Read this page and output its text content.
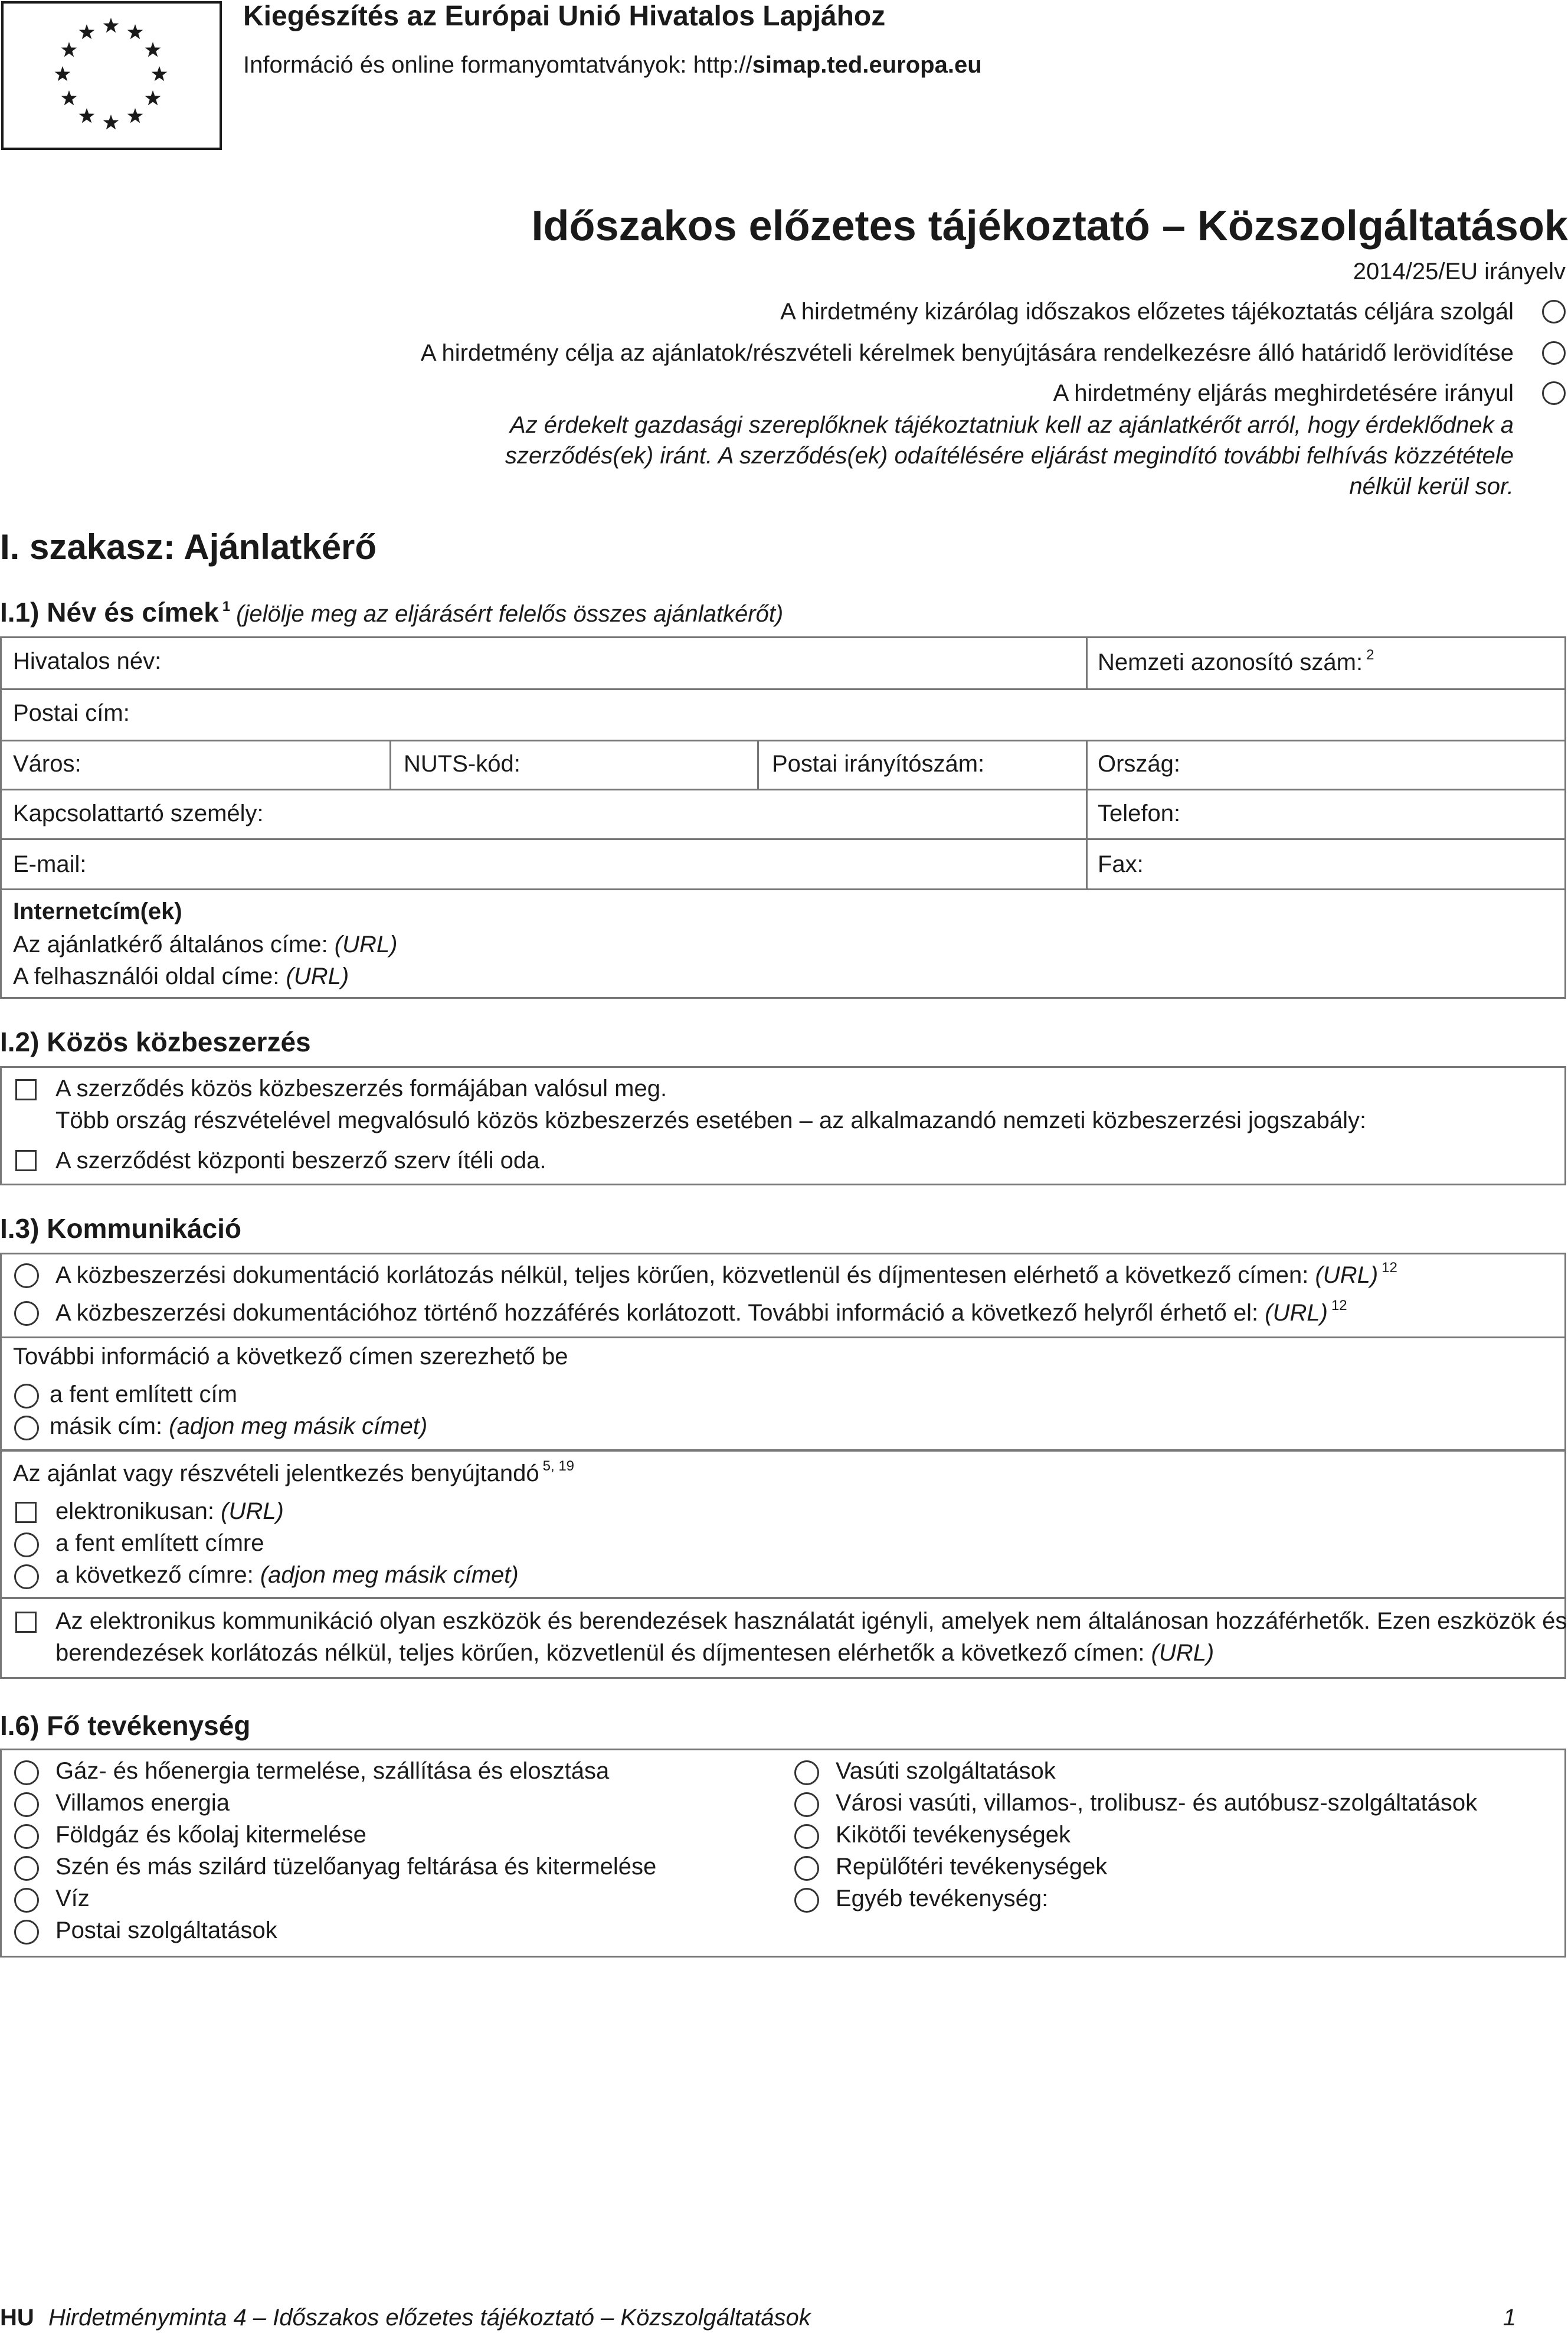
Kiegészítés az Európai Unió Hivatalos Lapjához
Információ és online formanyomtatványok: http://simap.ted.europa.eu
Időszakos előzetes tájékoztató – Közszolgáltatások
2014/25/EU irányelv
A hirdetmény kizárólag időszakos előzetes tájékoztatás céljára szolgál
A hirdetmény célja az ajánlatok/részvételi kérelmek benyújtására rendelkezésre álló határidő lerövidítése
A hirdetmény eljárás meghirdetésére irányul
Az érdekelt gazdasági szereplőknek tájékoztatniuk kell az ajánlatkérőt arról, hogy érdeklődnek a szerződés(ek) iránt. A szerződés(ek) odaítélésére eljárást megindító további felhívás közzététele nélkül kerül sor.
I. szakasz: Ajánlatkérő
I.1) Név és címek $^1$ (jelölje meg az eljárásért felelős összes ajánlatkérőt)
Hivatalos név:	Nemzeti azonosító szám: $^2$
Postai cím:
Város:	NUTS-kód:	Postai irányítószám:	Ország:
Kapcsolattartó személy:	Telefon:
E-mail:	Fax:
Internetcím(ek)
Az ajánlatkérő általános címe: (URL)
A felhasználói oldal címe: (URL)
I.2) Közös közbeszerzés
A szerződés közös közbeszerzés formájában valósul meg.
Több ország részvételével megvalósuló közös közbeszerzés esetében – az alkalmazandó nemzeti közbeszerzési jogszabály:
A szerződést központi beszerző szerv ítéli oda.
I.3) Kommunikáció
A közbeszerzési dokumentáció korlátozás nélkül, teljes körűen, közvetlenül és díjmentesen elérhető a következő címen: (URL) $^{12}$
A közbeszerzési dokumentációhoz történő hozzáférés korlátozott. További információ a következő helyről érhető el: (URL) $^{12}$
További információ a következő címen szerezhető be
a fent említett cím
másik cím: (adjon meg másik címet)
Az ajánlat vagy részvételi jelentkezés benyújtandó $^{5, 19}$
elektronikusan: (URL)
a fent említett címre
a következő címre: (adjon meg másik címet)
Az elektronikus kommunikáció olyan eszközök és berendezések használatát igényli, amelyek nem általánosan hozzáférhetők. Ezen eszközök és
berendezések korlátozás nélkül, teljes körűen, közvetlenül és díjmentesen elérhetők a következő címen: (URL)
I.6) Fő tevékenység
Gáz- és hőenergia termelése, szállítása és elosztása
Villamos energia
Földgáz és kőolaj kitermelése
Szén és más szilárd tüzelőanyag feltárása és kitermelése
Víz
Postai szolgáltatások
Vasúti szolgáltatások
Városi vasúti, villamos-, trolibusz- és autóbusz-szolgáltatások
Kikötői tevékenységek
Repülőtéri tevékenységek
Egyéb tevékenység:
HU Hirdetményminta 4 – Időszakos előzetes tájékoztató – Közszolgáltatások	1
